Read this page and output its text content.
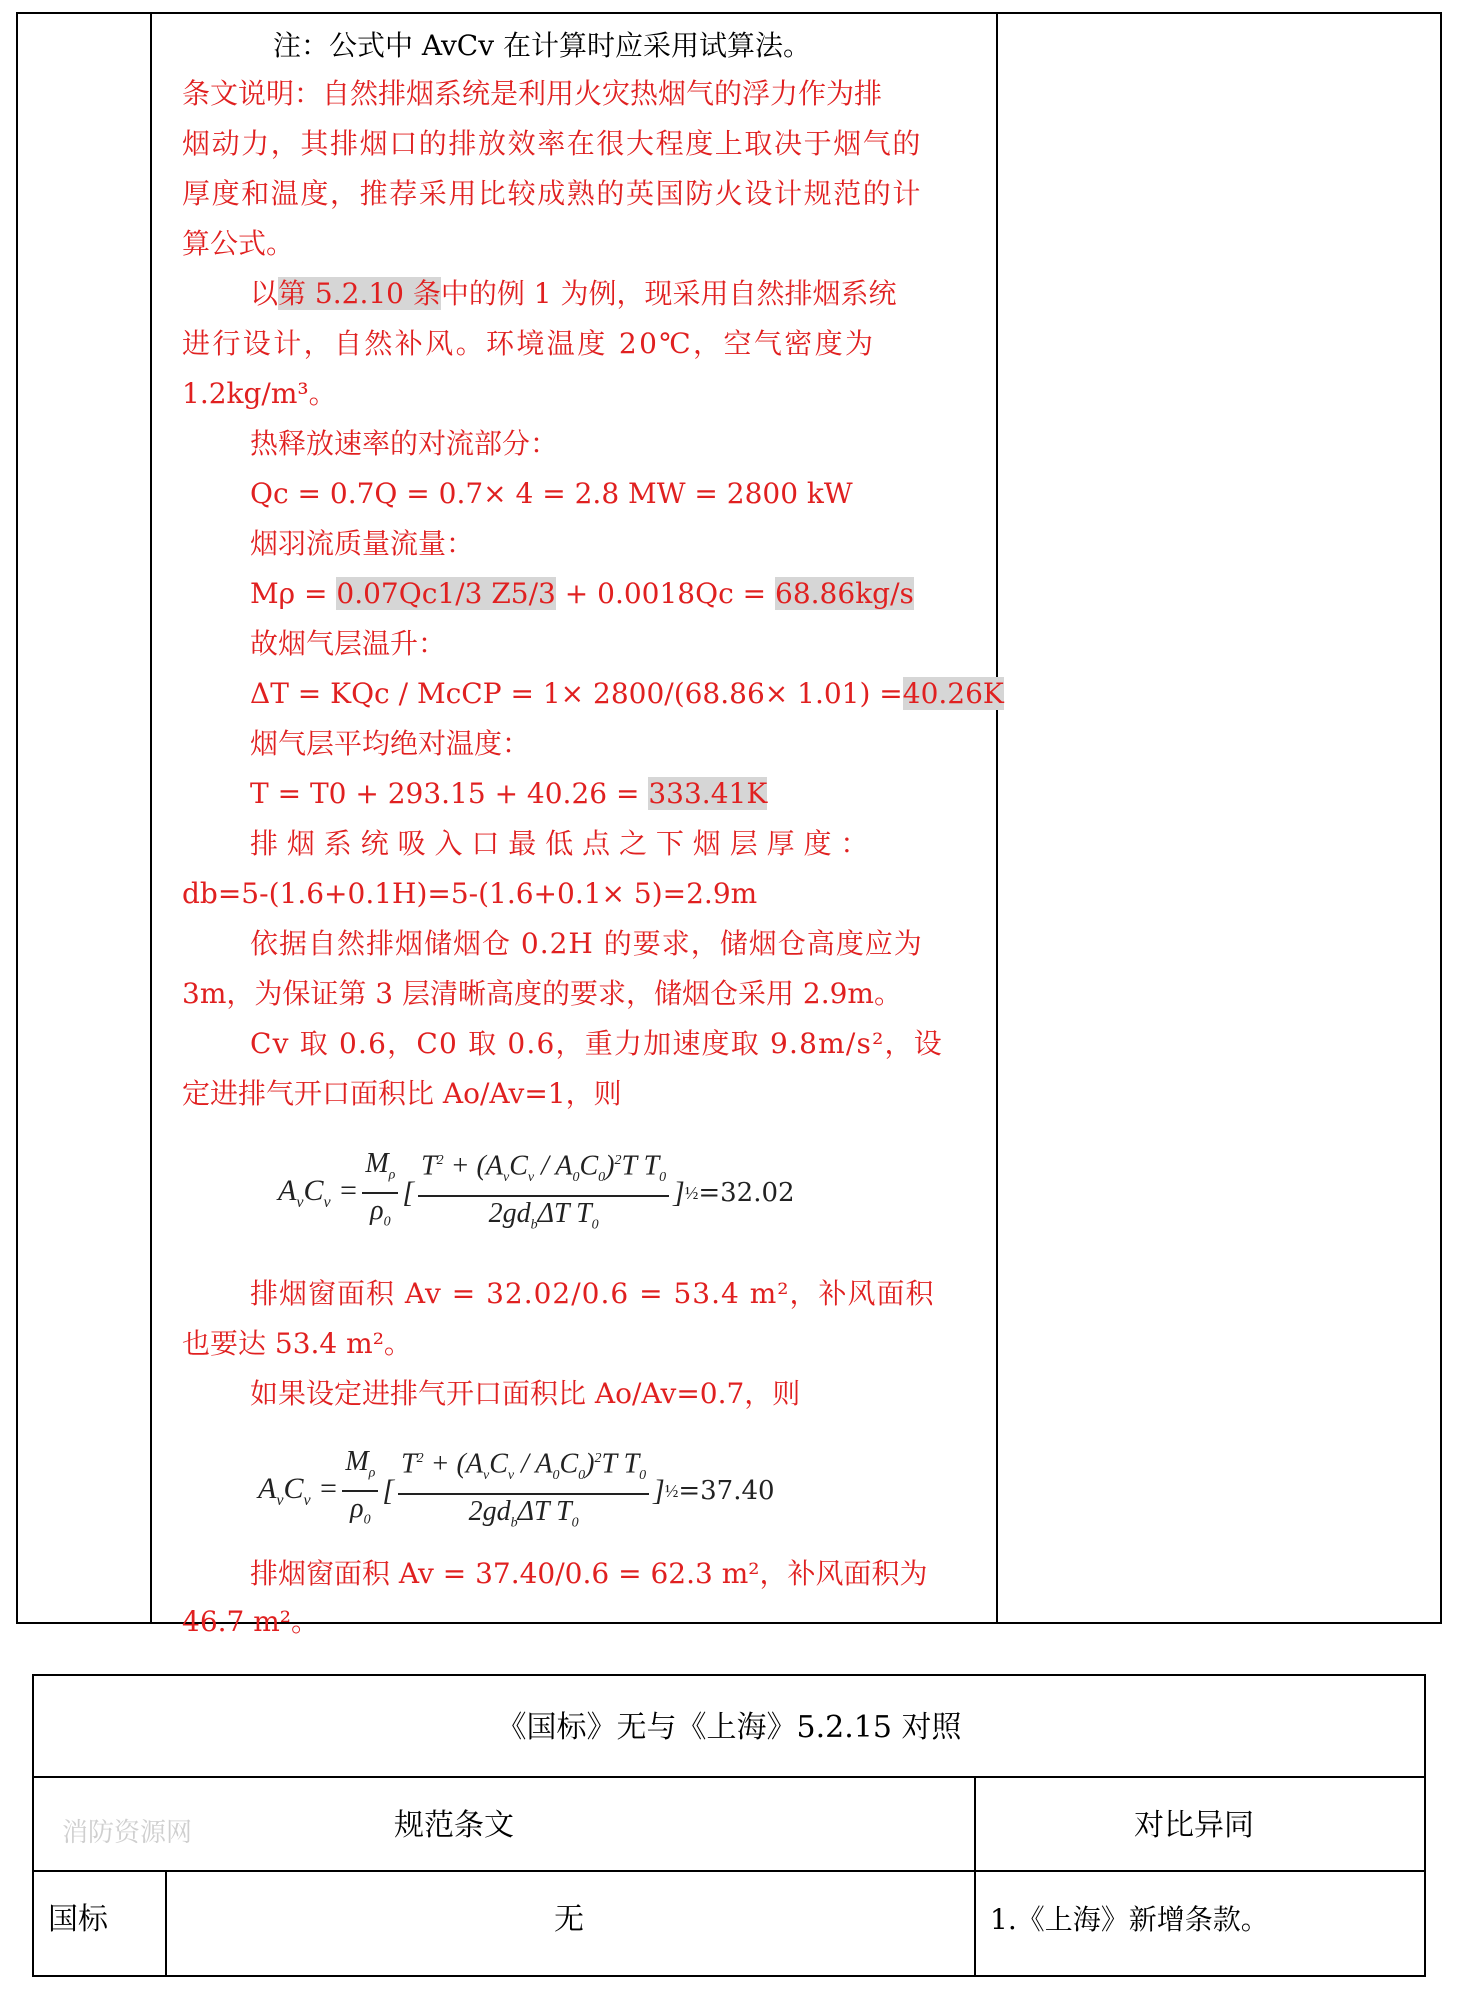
注：公式中 AvCv 在计算时应采用试算法。
条文说明：自然排烟系统是利用火灾热烟气的浮力作为排
烟动力，其排烟口的排放效率在很大程度上取决于烟气的
厚度和温度，推荐采用比较成熟的英国防火设计规范的计
算公式。
以第 5.2.10 条中的例 1 为例，现采用自然排烟系统
进行设计，自然补风。环境温度 20℃，空气密度为
1.2kg/m³。
热释放速率的对流部分：
Qc = 0.7Q = 0.7× 4 = 2.8 MW = 2800 kW
烟羽流质量流量：
Mρ = 0.07Qc1/3 Z5/3 + 0.0018Qc = 68.86kg/s
故烟气层温升：
ΔT = KQc / McCP = 1× 2800/(68.86× 1.01) =40.26K
烟气层平均绝对温度：
T = T0 + 293.15 + 40.26 = 333.41K
排 烟 系 统 吸 入 口 最 低 点 之 下 烟 层 厚 度 ：
db=5-(1.6+0.1H)=5-(1.6+0.1× 5)=2.9m
依据自然排烟储烟仓 0.2H 的要求，储烟仓高度应为
3m，为保证第 3 层清晰高度的要求，储烟仓采用 2.9m。
Cv 取 0.6，C0 取 0.6，重力加速度取 9.8m/s²，设
定进排气开口面积比 Ao/Av=1，则
$A_vC_v = \frac{M_\rho}{\rho_0}$ [ $\frac{T^2 + (A_vC_v / A_0C_0)^2T T_0}{2gd_b\Delta T T_0}$ ] ½ =32.02
排烟窗面积 Av = 32.02/0.6 = 53.4 m²，补风面积
也要达 53.4 m²。
如果设定进排气开口面积比 Ao/Av=0.7，则
$A_vC_v = \frac{M_\rho}{\rho_0}$ [ $\frac{T^2 + (A_vC_v / A_0C_0)^2T T_0}{2gd_b\Delta T T_0}$ ] ½ =37.40
排烟窗面积 Av = 37.40/0.6 = 62.3 m²，补风面积为
46.7 m²。
《国标》无与《上海》5.2.15 对照
消防资源网	规范条文	对比异同
国标	无	1.《上海》新增条款。
